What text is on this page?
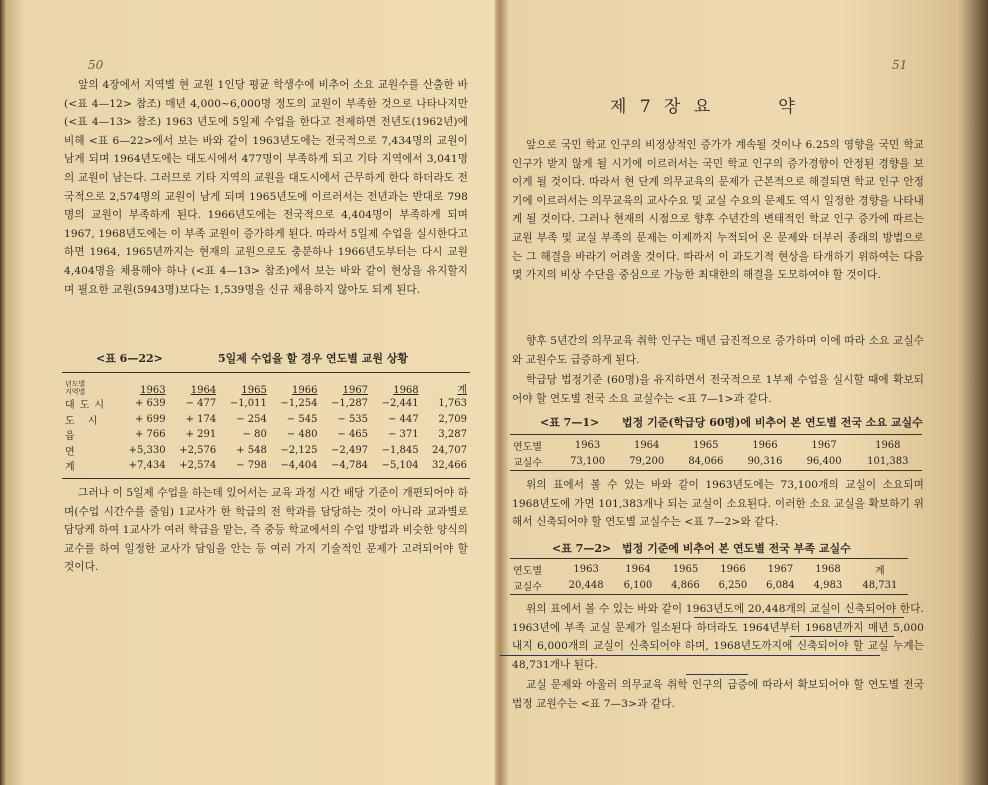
50

앞의 4장에서 지역별 현 교원 1인당 평균 학생수에 비추어 소요 교원수를 산출한 바 (<표 4—12> 참조) 매년 4,000~6,000명 정도의 교원이 부족한 것으로 나타나지만 (<표 4—13> 참조) 1963 년도에 5일제 수업을 한다고 전제하면 전년도(1962년)에 비해 <표 6—22>에서 보는 바와 같이 1963년도에는 전국적으로 7,434명의 교원이 남게 되며 1964년도에는 대도시에서 477명이 부족하게 되고 기타 지역에서 3,041명의 교원이 남는다. 그러므로 기타 지역의 교원을 대도시에서 근무하게 한다 하더라도 전국적으로 2,574명의 교원이 남게 되며 1965년도에 이르러서는 전년과는 반대로 798명의 교원이 부족하게 된다. 1966년도에는 전국적으로 4,404명이 부족하게 되며 1967, 1968년도에는 이 부족 교원이 증가하게 된다. 따라서 5일제 수업을 실시한다고 하면 1964, 1965년까지는 현재의 교원으로도 충분하나 1966년도부터는 다시 교원 4,404명을 채용해야 하나 (<표 4—13> 참조)에서 보는 바와 같이 현상을 유지할지 며 필요한 교원(5943명)보다는 1,539명을 신규 채용하지 않아도 되게 된다.

<표 6—22>	5일제 수업을 할 경우 연도별 교원 상황
년도별
지역별	1963	1964	1965	1966	1967	1968	계
대도시	+ 639	− 477	−1,011	−1,254	−1,287	−2,441	1,763
도 시	+ 699	+ 174	− 254	− 545	− 535	− 447	2,709
읍	+ 766	+ 291	− 80	− 480	− 465	− 371	3,287
면	+5,330	+2,576	+ 548	−2,125	−2,497	−1,845	24,707
계	+7,434	+2,574	− 798	−4,404	−4,784	−5,104	32,466

그러나 이 5일제 수업을 하는데 있어서는 교육 과정 시간 배당 기준이 개편되어야 하며(수업 시간수를 줄임) 1교사가 한 학급의 전 학과를 담당하는 것이 아니라 교과별로 담당케 하여 1교사가 여러 학급을 맡는, 즉 중등 학교에서의 수업 방법과 비슷한 양식의 교수를 하여 일정한 교사가 담임을 안는 등 여러 가지 기술적인 문제가 고려되어야 할 것이다.

51
제 7 장 요	약

앞으로 국민 학교 인구의 비정상적인 증가가 계속될 것이나 6.25의 영향을 국민 학교 인구가 받지 않게 될 시기에 이르러서는 국민 학교 인구의 증가경향이 안정된 경향을 보이게 될 것이다. 따라서 현 단계 의무교육의 문제가 근본적으로 해결되면 학교 인구 안정기에 이르러서는 의무교육의 교사수요 및 교실 수요의 문제도 역시 일정한 경향을 나타내게 될 것이다. 그러나 현재의 시점으로 향후 수년간의 변태적인 학교 인구 증가에 따르는 교원 부족 및 교실 부족의 문제는 이제까지 누적되어 온 문제와 더부러 종래의 방법으로는 그 해결을 바라기 어려울 것이다. 따라서 이 과도기적 현상을 타개하기 위하여는 다음 몇 가지의 비상 수단을 중심으로 가능한 최대한의 해결을 도모하여야 할 것이다.

향후 5년간의 의무교육 취학 인구는 매년 급진적으로 증가하며 이에 따라 소요 교실수와 교원수도 급증하게 된다.

학급당 법정기준 (60명)을 유지하면서 전국적으로 1부제 수업을 실시할 때에 확보되어야 할 연도별 전국 소요 교실수는 <표 7—1>과 같다.

<표 7—1> 법정 기준(학급당 60명)에 비추어 본 연도별 전국 소요 교실수
연도별	1963	1964	1965	1966	1967	1968
교실수	73,100	79,200	84,066	90,316	96,400	101,383

위의 표에서 볼 수 있는 바와 같이 1963년도에는 73,100개의 교실이 소요되며 1968년도에 가면 101,383개나 되는 교실이 소요된다. 이러한 소요 교실을 확보하기 위해서 신축되어야 할 연도별 교실수는 <표 7—2>와 같다.

<표 7—2> 법정 기준에 비추어 본 연도별 전국 부족 교실수
연도별	1963	1964	1965	1966	1967	1968	계
교실수	20,448	6,100	4,866	6,250	6,084	4,983	48,731

위의 표에서 볼 수 있는 바와 같이 1963년도에 20,448개의 교실이 신축되어야 한다. 1963년에 부족 교실 문제가 일소된다 하더라도 1964년부터 1968년까지 매년 5,000 내지 6,000개의 교실이 신축되어야 하며, 1968년도까지에 신축되어야 할 교실 누계는 48,731개나 된다.

교실 문제와 아울러 의무교육 취학 인구의 급증에 따라서 확보되어야 할 연도별 전국 법정 교원수는 <표 7—3>과 같다.
